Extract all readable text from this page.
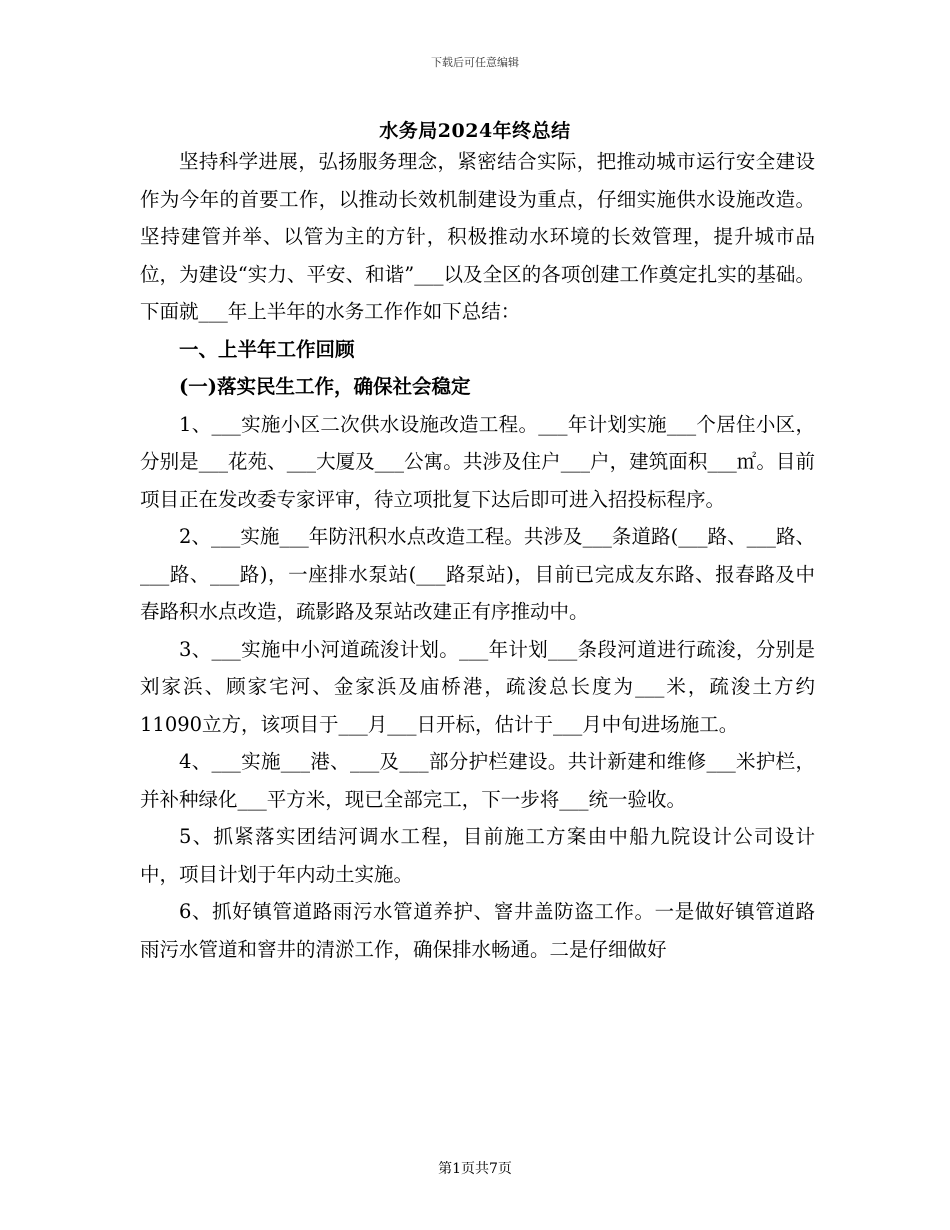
下载后可任意编辑
水务局2024年终总结

坚持科学进展，弘扬服务理念，紧密结合实际，把推动城市运行安全建设作为今年的首要工作，以推动长效机制建设为重点，仔细实施供水设施改造。坚持建管并举、以管为主的方针，积极推动水环境的长效管理，提升城市品位，为建设“实力、平安、和谐”___以及全区的各项创建工作奠定扎实的基础。下面就___年上半年的水务工作作如下总结：

一、上半年工作回顾

(一)落实民生工作，确保社会稳定

1、___实施小区二次供水设施改造工程。___年计划实施___个居住小区，分别是___花苑、___大厦及___公寓。共涉及住户___户，建筑面积___㎡。目前项目正在发改委专家评审，待立项批复下达后即可进入招投标程序。

2、___实施___年防汛积水点改造工程。共涉及___条道路(___路、___路、___路、___路)，一座排水泵站(___路泵站)，目前已完成友东路、报春路及中春路积水点改造，疏影路及泵站改建正有序推动中。

3、___实施中小河道疏浚计划。___年计划___条段河道进行疏浚，分别是刘家浜、顾家宅河、金家浜及庙桥港，疏浚总长度为___米，疏浚土方约11090立方，该项目于___月___日开标，估计于___月中旬进场施工。

4、___实施___港、___及___部分护栏建设。共计新建和维修___米护栏，并补种绿化___平方米，现已全部完工，下一步将___统一验收。

5、抓紧落实团结河调水工程，目前施工方案由中船九院设计公司设计中，项目计划于年内动土实施。

6、抓好镇管道路雨污水管道养护、窨井盖防盗工作。一是做好镇管道路雨污水管道和窨井的清淤工作，确保排水畅通。二是仔细做好

第1页共7页
